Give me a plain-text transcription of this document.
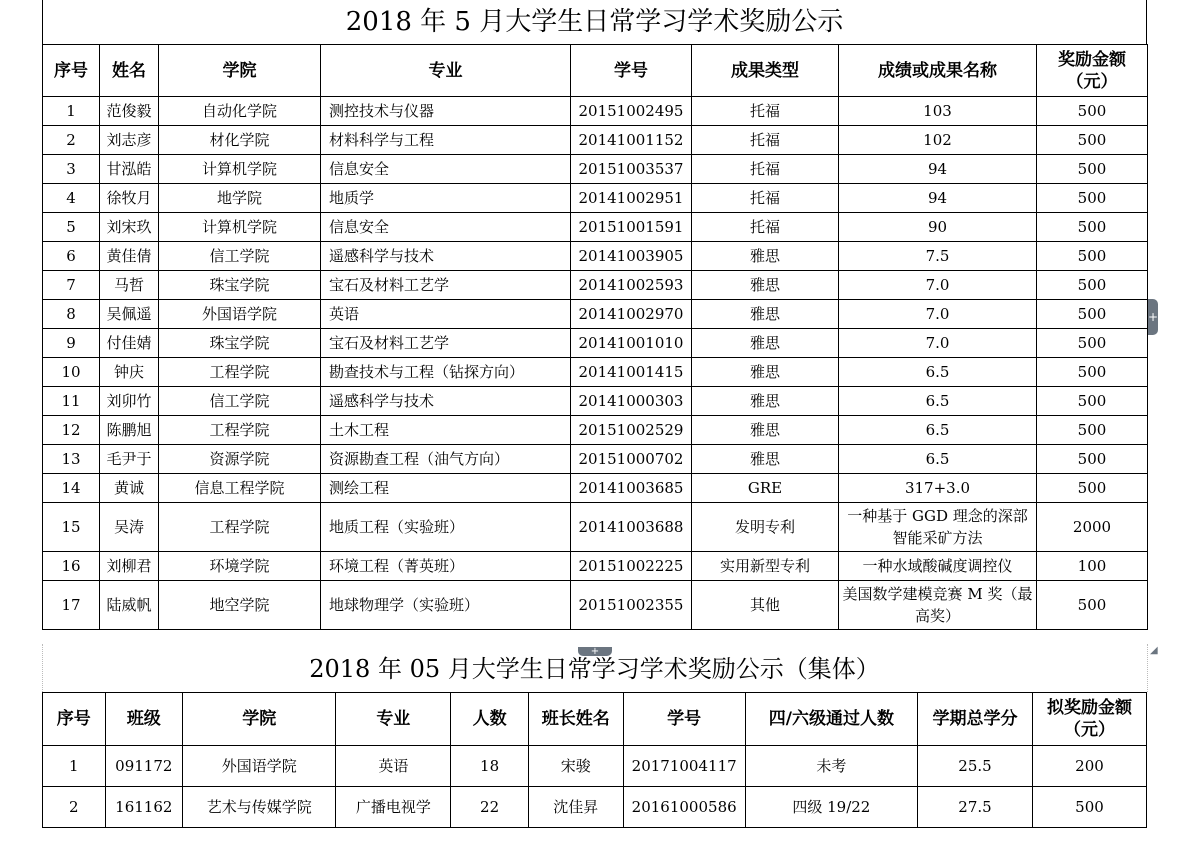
2018 年 5 月大学生日常学习学术奖励公示
序号	姓名	学院	专业	学号	成果类型	成绩或成果名称	奖励金额（元）
1	范俊毅	自动化学院	测控技术与仪器	20151002495	托福	103	500
2	刘志彦	材化学院	材料科学与工程	20141001152	托福	102	500
3	甘泓皓	计算机学院	信息安全	20151003537	托福	94	500
4	徐牧月	地学院	地质学	20141002951	托福	94	500
5	刘宋玖	计算机学院	信息安全	20151001591	托福	90	500
6	黄佳倩	信工学院	遥感科学与技术	20141003905	雅思	7.5	500
7	马哲	珠宝学院	宝石及材料工艺学	20141002593	雅思	7.0	500
8	吴佩遥	外国语学院	英语	20141002970	雅思	7.0	500
9	付佳婧	珠宝学院	宝石及材料工艺学	20141001010	雅思	7.0	500
10	钟庆	工程学院	勘查技术与工程（钻探方向）	20141001415	雅思	6.5	500
11	刘卯竹	信工学院	遥感科学与技术	20141000303	雅思	6.5	500
12	陈鹏旭	工程学院	土木工程	20151002529	雅思	6.5	500
13	毛尹于	资源学院	资源勘查工程（油气方向）	20151000702	雅思	6.5	500
14	黄诚	信息工程学院	测绘工程	20141003685	GRE	317+3.0	500
15	吴涛	工程学院	地质工程（实验班）	20141003688	发明专利	一种基于 GGD 理念的深部智能采矿方法	2000
16	刘柳君	环境学院	环境工程（菁英班）	20151002225	实用新型专利	一种水域酸碱度调控仪	100
17	陆威帆	地空学院	地球物理学（实验班）	20151002355	其他	美国数学建模竞赛 M 奖（最高奖）	500
+
+	◢
2018 年 05 月大学生日常学习学术奖励公示（集体）
序号	班级	学院	专业	人数	班长姓名	学号	四/六级通过人数	学期总学分	拟奖励金额（元）
1	091172	外国语学院	英语	18	宋骏	20171004117	未考	25.5	200
2	161162	艺术与传媒学院	广播电视学	22	沈佳昇	20161000586	四级 19/22	27.5	500
